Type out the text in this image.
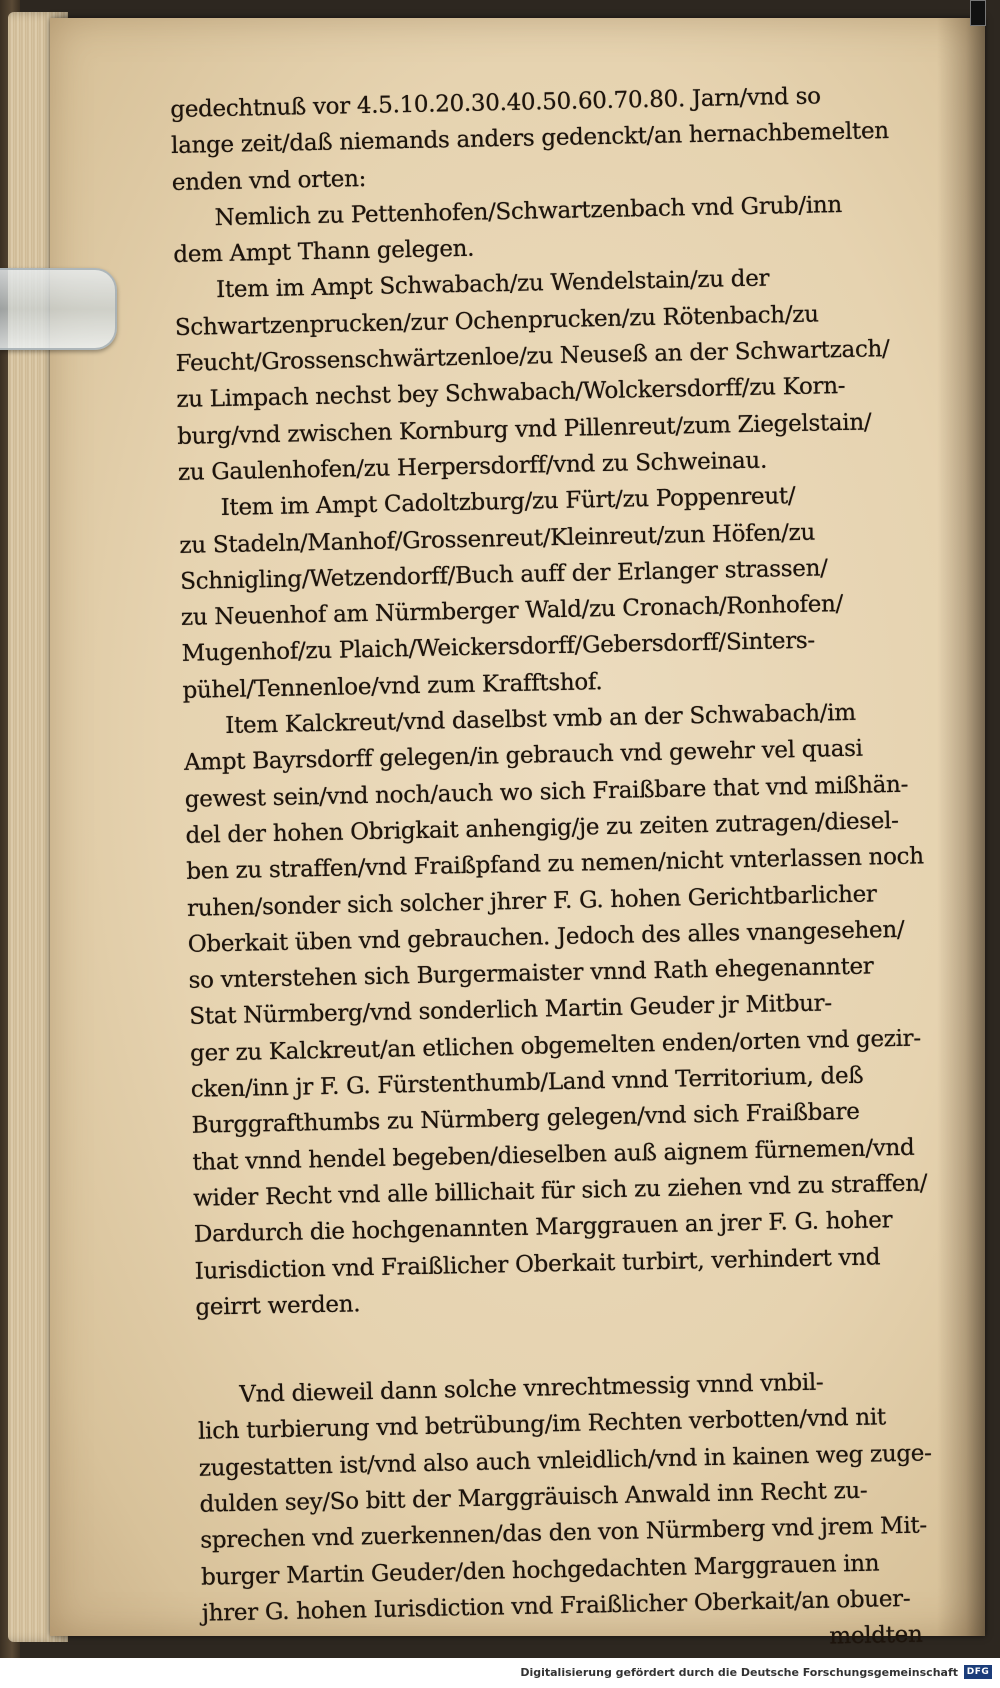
gedechtnuß vor 4.5.10.20.30.40.50.60.70.80. Jarn/vnd so
lange zeit/daß niemands anders gedenckt/an hernachbemelten
enden vnd orten:
Nemlich zu Pettenhofen/Schwartzenbach vnd Grub/inn
dem Ampt Thann gelegen.
Item im Ampt Schwabach/zu Wendelstain/zu der
Schwartzenprucken/zur Ochenprucken/zu Rötenbach/zu
Feucht/Grossenschwärtzenloe/zu Neuseß an der Schwartzach/
zu Limpach nechst bey Schwabach/Wolckersdorff/zu Korn-
burg/vnd zwischen Kornburg vnd Pillenreut/zum Ziegelstain/
zu Gaulenhofen/zu Herpersdorff/vnd zu Schweinau.
Item im Ampt Cadoltzburg/zu Fürt/zu Poppenreut/
zu Stadeln/Manhof/Grossenreut/Kleinreut/zun Höfen/zu
Schnigling/Wetzendorff/Buch auff der Erlanger strassen/
zu Neuenhof am Nürmberger Wald/zu Cronach/Ronhofen/
Mugenhof/zu Plaich/Weickersdorff/Gebersdorff/Sinters-
pühel/Tennenloe/vnd zum Krafftshof.
Item Kalckreut/vnd daselbst vmb an der Schwabach/im
Ampt Bayrsdorff gelegen/in gebrauch vnd gewehr vel quasi
gewest sein/vnd noch/auch wo sich Fraißbare that vnd mißhän-
del der hohen Obrigkait anhengig/je zu zeiten zutragen/diesel-
ben zu straffen/vnd Fraißpfand zu nemen/nicht vnterlassen noch
ruhen/sonder sich solcher jhrer F. G. hohen Gerichtbarlicher
Oberkait üben vnd gebrauchen. Jedoch des alles vnangesehen/
so vnterstehen sich Burgermaister vnnd Rath ehegenannter
Stat Nürmberg/vnd sonderlich Martin Geuder jr Mitbur-
ger zu Kalckreut/an etlichen obgemelten enden/orten vnd gezir-
cken/inn jr F. G. Fürstenthumb/Land vnnd Territorium, deß
Burggrafthumbs zu Nürmberg gelegen/vnd sich Fraißbare
that vnnd hendel begeben/dieselben auß aignem fürnemen/vnd
wider Recht vnd alle billichait für sich zu ziehen vnd zu straffen/
Dardurch die hochgenannten Marggrauen an jrer F. G. hoher
Iurisdiction vnd Fraißlicher Oberkait turbirt, verhindert vnd
geirrt werden.
Vnd dieweil dann solche vnrechtmessig vnnd vnbil-
lich turbierung vnd betrübung/im Rechten verbotten/vnd nit
zugestatten ist/vnd also auch vnleidlich/vnd in kainen weg zuge-
dulden sey/So bitt der Marggräuisch Anwald inn Recht zu-
sprechen vnd zuerkennen/das den von Nürmberg vnd jrem Mit-
burger Martin Geuder/den hochgedachten Marggrauen inn
jhrer G. hohen Iurisdiction vnd Fraißlicher Oberkait/an obuer-
meldten
Digitalisierung gefördert durch die Deutsche Forschungsgemeinschaft DFG
